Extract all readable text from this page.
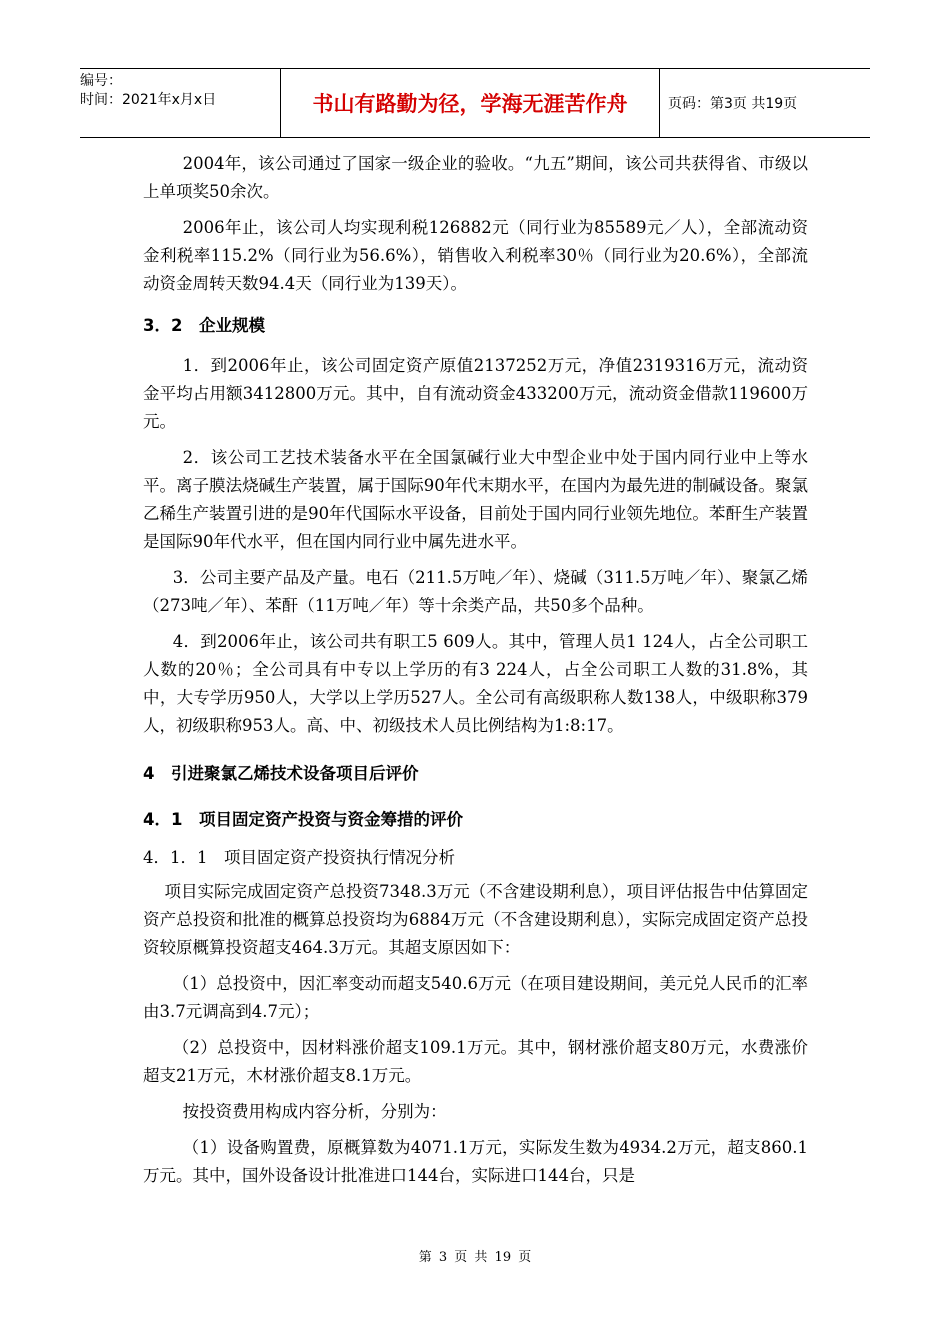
编号：
时间：2021年x月x日	书山有路勤为径，学海无涯苦作舟	页码：第3页 共19页

2004年，该公司通过了国家一级企业的验收。“九五”期间，该公司共获得省、市级以上单项奖50余次。

2006年止，该公司人均实现利税126882元（同行业为85589元／人），全部流动资金利税率115.2%（同行业为56.6%），销售收入利税率30％（同行业为20.6%），全部流动资金周转天数94.4天（同行业为139天）。

3．2　企业规模

1．到2006年止，该公司固定资产原值2137252万元，净值2319316万元，流动资金平均占用额3412800万元。其中，自有流动资金433200万元，流动资金借款119600万元。

2．该公司工艺技术装备水平在全国氯碱行业大中型企业中处于国内同行业中上等水平。离子膜法烧碱生产装置，属于国际90年代末期水平，在国内为最先进的制碱设备。聚氯乙稀生产装置引进的是90年代国际水平设备，目前处于国内同行业领先地位。苯酐生产装置是国际90年代水平，但在国内同行业中属先进水平。

3．公司主要产品及产量。电石（211.5万吨／年）、烧碱（311.5万吨／年）、聚氯乙烯（273吨／年）、苯酐（11万吨／年）等十余类产品，共50多个品种。

4．到2006年止，该公司共有职工5 609人。其中，管理人员1 124人，占全公司职工人数的20％；全公司具有中专以上学历的有3 224人，占全公司职工人数的31.8%，其中，大专学历950人，大学以上学历527人。全公司有高级职称人数138人，中级职称379人，初级职称953人。高、中、初级技术人员比例结构为1:8:17。

4　引进聚氯乙烯技术设备项目后评价

4．1　项目固定资产投资与资金筹措的评价

4．1．1　项目固定资产投资执行情况分析

项目实际完成固定资产总投资7348.3万元（不含建设期利息），项目评估报告中估算固定资产总投资和批准的概算总投资均为6884万元（不含建设期利息），实际完成固定资产总投资较原概算投资超支464.3万元。其超支原因如下：

（1）总投资中，因汇率变动而超支540.6万元（在项目建设期间，美元兑人民币的汇率由3.7元调高到4.7元）；

（2）总投资中，因材料涨价超支109.1万元。其中，钢材涨价超支80万元，水费涨价超支21万元，木材涨价超支8.1万元。

按投资费用构成内容分析，分别为：

（1）设备购置费，原概算数为4071.1万元，实际发生数为4934.2万元，超支860.1万元。其中，国外设备设计批准进口144台，实际进口144台，只是

第 3 页 共 19 页
